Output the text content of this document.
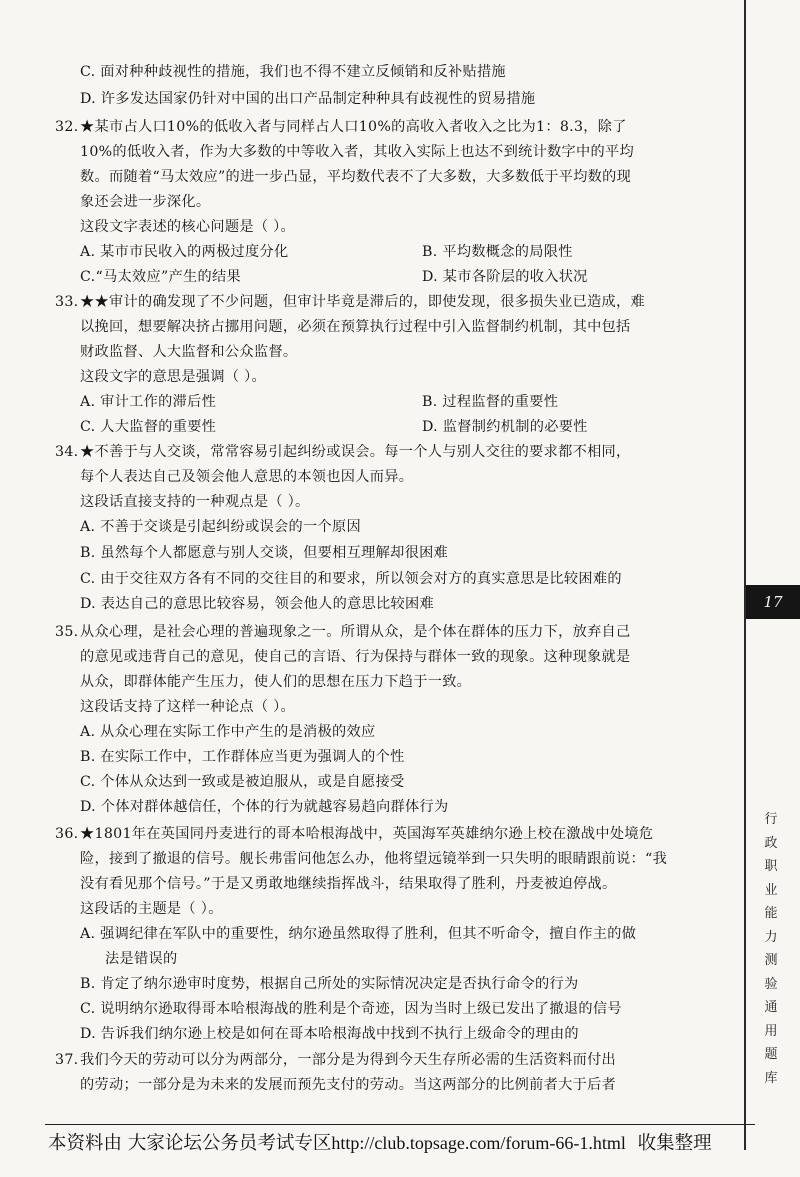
C. 面对种种歧视性的措施，我们也不得不建立反倾销和反补贴措施
D. 许多发达国家仍针对中国的出口产品制定种种具有歧视性的贸易措施
32. ★某市占人口10%的低收入者与同样占人口10%的高收入者收入之比为1：8.3，除了
10%的低收入者，作为大多数的中等收入者，其收入实际上也达不到统计数字中的平均
数。而随着“马太效应”的进一步凸显，平均数代表不了大多数，大多数低于平均数的现
象还会进一步深化。
这段文字表述的核心问题是（ ）。
A. 某市市民收入的两极过度分化	B. 平均数概念的局限性
C.“马太效应”产生的结果	D. 某市各阶层的收入状况
33. ★★审计的确发现了不少问题，但审计毕竟是滞后的，即使发现，很多损失业已造成，难
以挽回，想要解决挤占挪用问题，必须在预算执行过程中引入监督制约机制，其中包括
财政监督、人大监督和公众监督。
这段文字的意思是强调（ ）。
A. 审计工作的滞后性	B. 过程监督的重要性
C. 人大监督的重要性	D. 监督制约机制的必要性
34. ★不善于与人交谈，常常容易引起纠纷或误会。每一个人与别人交往的要求都不相同，
每个人表达自己及领会他人意思的本领也因人而异。
这段话直接支持的一种观点是（ ）。
A. 不善于交谈是引起纠纷或误会的一个原因
B. 虽然每个人都愿意与别人交谈，但要相互理解却很困难
C. 由于交往双方各有不同的交往目的和要求，所以领会对方的真实意思是比较困难的
D. 表达自己的意思比较容易，领会他人的意思比较困难
35. 从众心理，是社会心理的普遍现象之一。所谓从众，是个体在群体的压力下，放弃自己
的意见或违背自己的意见，使自己的言语、行为保持与群体一致的现象。这种现象就是
从众，即群体能产生压力，使人们的思想在压力下趋于一致。
这段话支持了这样一种论点（ ）。
A. 从众心理在实际工作中产生的是消极的效应
B. 在实际工作中，工作群体应当更为强调人的个性
C. 个体从众达到一致或是被迫服从，或是自愿接受
D. 个体对群体越信任，个体的行为就越容易趋向群体行为
36. ★1801年在英国同丹麦进行的哥本哈根海战中，英国海军英雄纳尔逊上校在激战中处境危
险，接到了撤退的信号。舰长弗雷问他怎么办，他将望远镜举到一只失明的眼睛跟前说：“我
没有看见那个信号。”于是又勇敢地继续指挥战斗，结果取得了胜利，丹麦被迫停战。
这段话的主题是（ ）。
A. 强调纪律在军队中的重要性，纳尔逊虽然取得了胜利，但其不听命令，擅自作主的做
法是错误的
B. 肯定了纳尔逊审时度势，根据自己所处的实际情况决定是否执行命令的行为
C. 说明纳尔逊取得哥本哈根海战的胜利是个奇迹，因为当时上级已发出了撤退的信号
D. 告诉我们纳尔逊上校是如何在哥本哈根海战中找到不执行上级命令的理由的
37. 我们今天的劳动可以分为两部分，一部分是为得到今天生存所必需的生活资料而付出
的劳动；一部分是为未来的发展而预先支付的劳动。当这两部分的比例前者大于后者
17
行
政
职
业
能
力
测
验
通
用
题
库
本资料由 大家论坛公务员考试专区http://club.topsage.com/forum-66-1.html  收集整理
